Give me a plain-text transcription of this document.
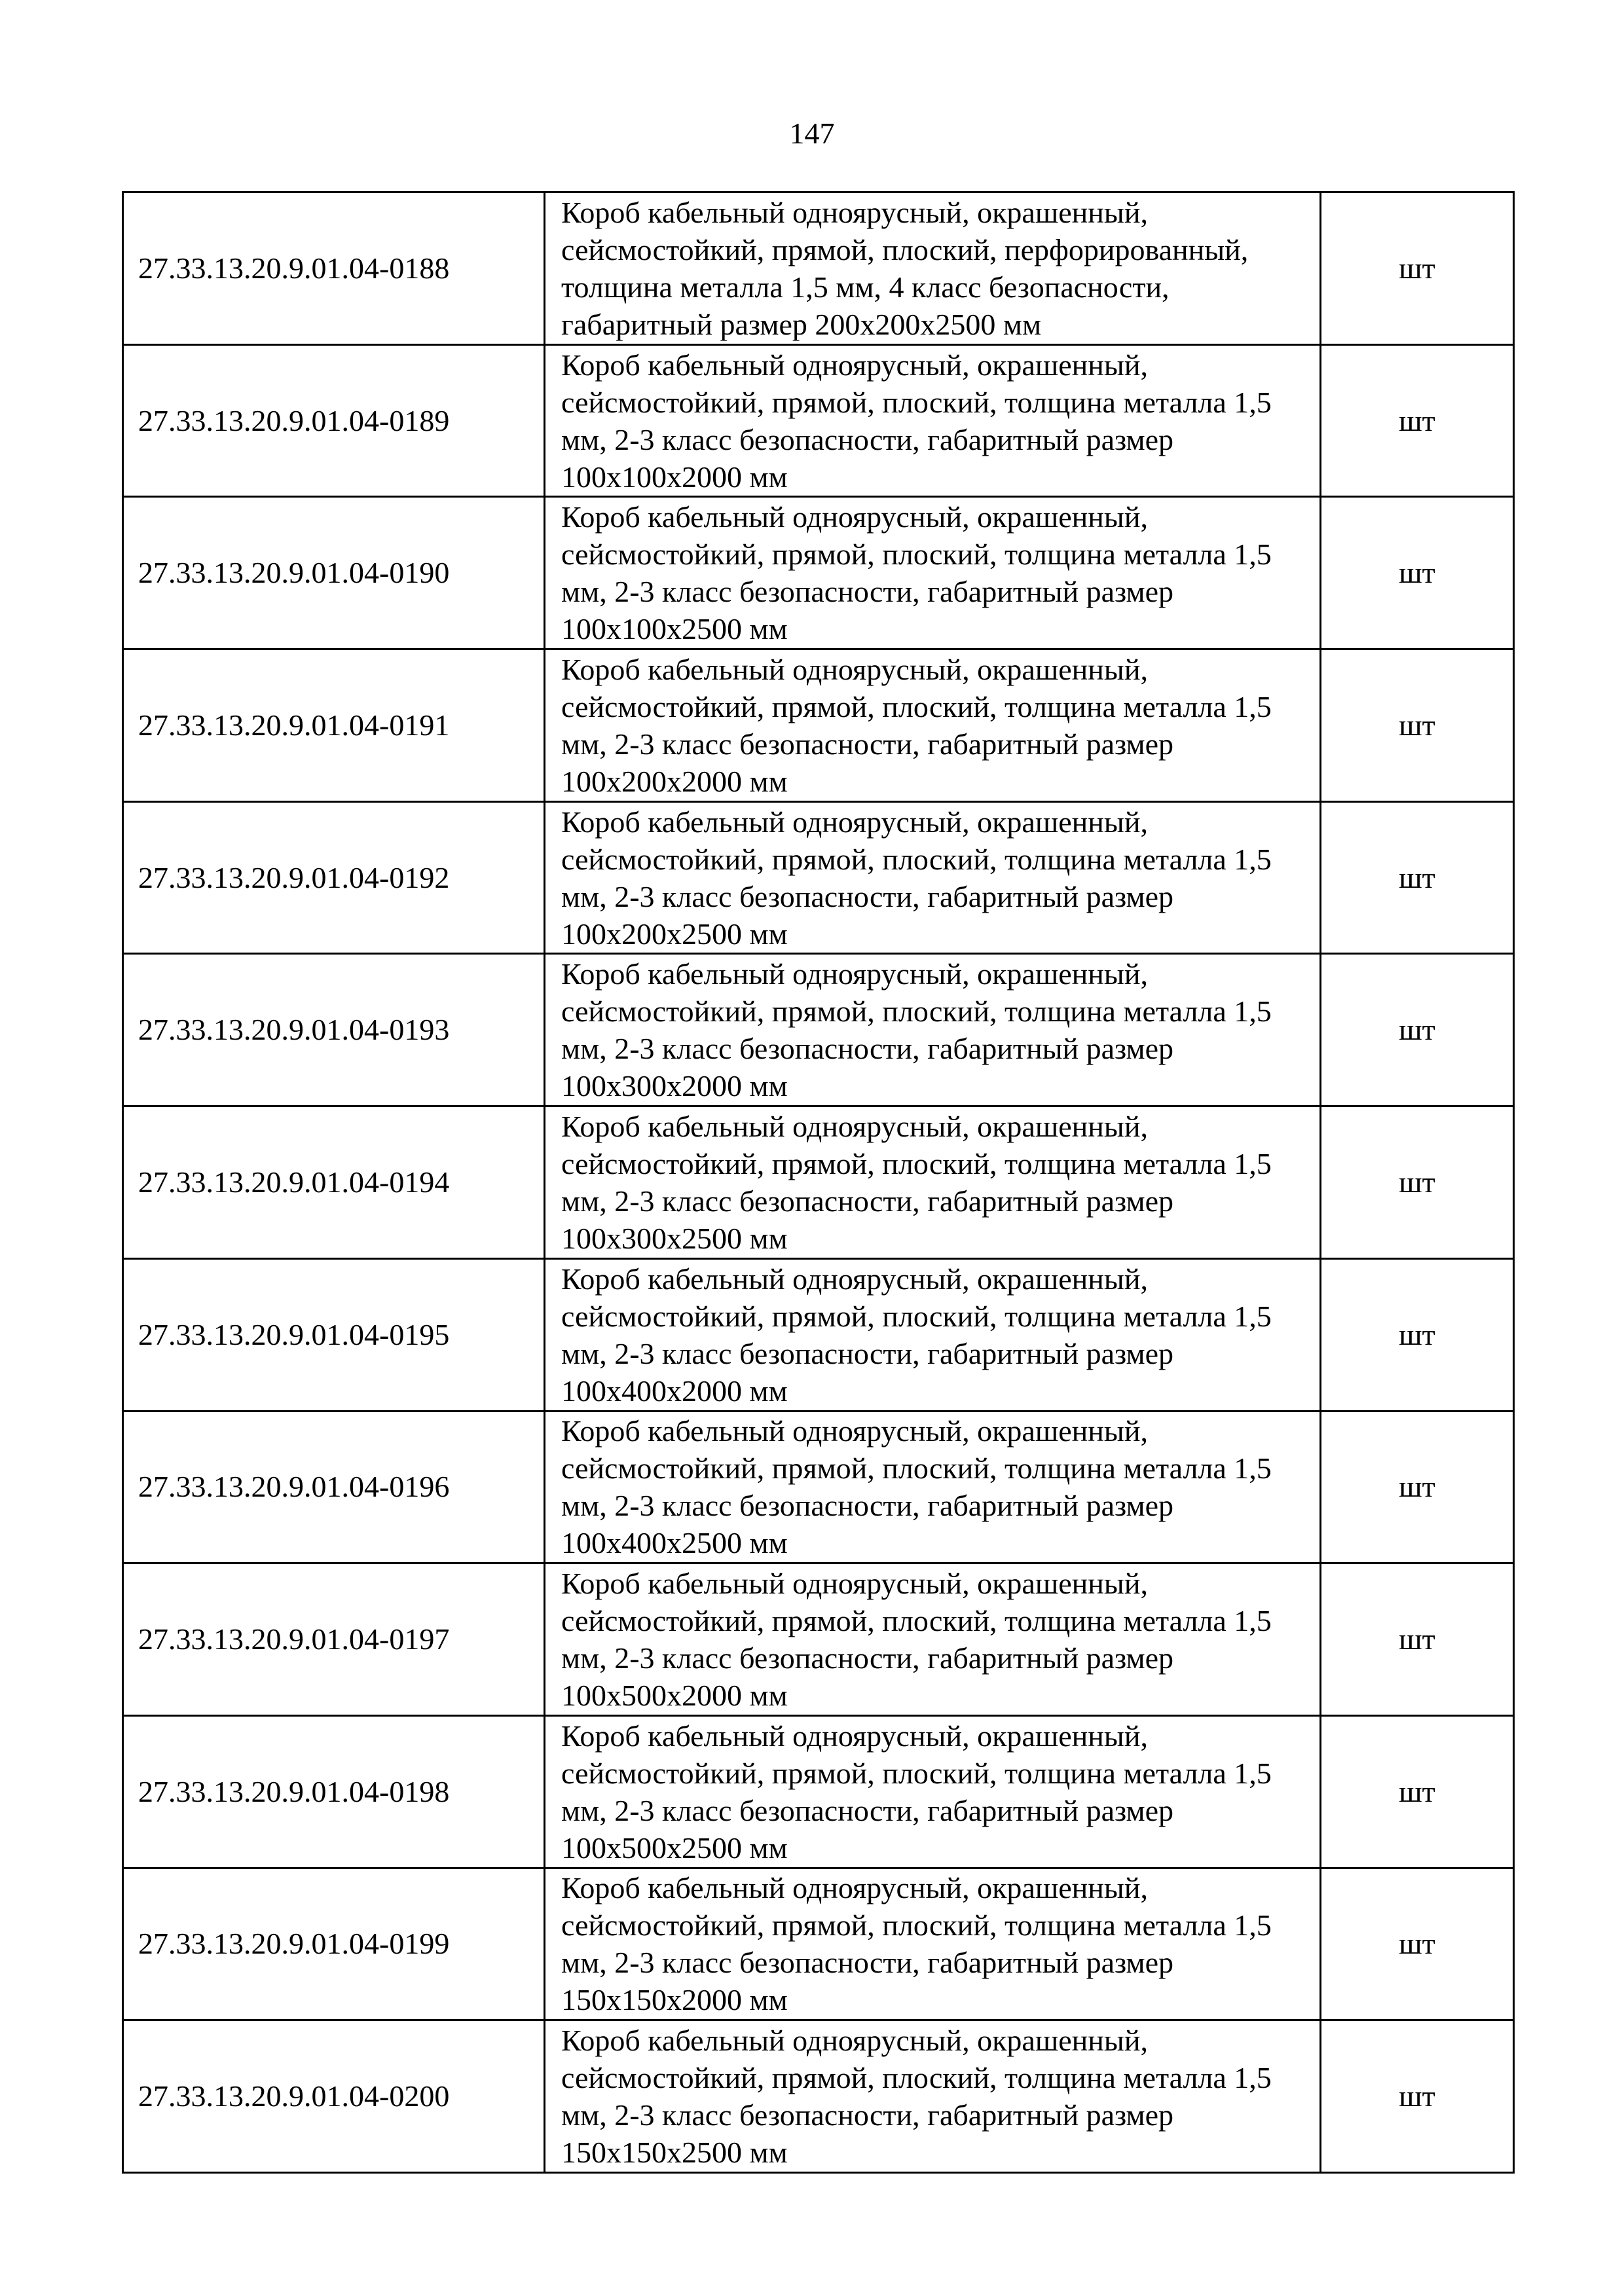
147
27.33.13.20.9.01.04-0188	Короб кабельный одноярусный, окрашенный, сейсмостойкий, прямой, плоский, перфорированный, толщина металла 1,5 мм, 4 класс безопасности, габаритный размер 200х200х2500 мм	шт
27.33.13.20.9.01.04-0189	Короб кабельный одноярусный, окрашенный, сейсмостойкий, прямой, плоский, толщина металла 1,5 мм, 2-3 класс безопасности, габаритный размер 100х100х2000 мм	шт
27.33.13.20.9.01.04-0190	Короб кабельный одноярусный, окрашенный, сейсмостойкий, прямой, плоский, толщина металла 1,5 мм, 2-3 класс безопасности, габаритный размер 100х100х2500 мм	шт
27.33.13.20.9.01.04-0191	Короб кабельный одноярусный, окрашенный, сейсмостойкий, прямой, плоский, толщина металла 1,5 мм, 2-3 класс безопасности, габаритный размер 100х200х2000 мм	шт
27.33.13.20.9.01.04-0192	Короб кабельный одноярусный, окрашенный, сейсмостойкий, прямой, плоский, толщина металла 1,5 мм, 2-3 класс безопасности, габаритный размер 100х200х2500 мм	шт
27.33.13.20.9.01.04-0193	Короб кабельный одноярусный, окрашенный, сейсмостойкий, прямой, плоский, толщина металла 1,5 мм, 2-3 класс безопасности, габаритный размер 100х300х2000 мм	шт
27.33.13.20.9.01.04-0194	Короб кабельный одноярусный, окрашенный, сейсмостойкий, прямой, плоский, толщина металла 1,5 мм, 2-3 класс безопасности, габаритный размер 100х300х2500 мм	шт
27.33.13.20.9.01.04-0195	Короб кабельный одноярусный, окрашенный, сейсмостойкий, прямой, плоский, толщина металла 1,5 мм, 2-3 класс безопасности, габаритный размер 100х400х2000 мм	шт
27.33.13.20.9.01.04-0196	Короб кабельный одноярусный, окрашенный, сейсмостойкий, прямой, плоский, толщина металла 1,5 мм, 2-3 класс безопасности, габаритный размер 100х400х2500 мм	шт
27.33.13.20.9.01.04-0197	Короб кабельный одноярусный, окрашенный, сейсмостойкий, прямой, плоский, толщина металла 1,5 мм, 2-3 класс безопасности, габаритный размер 100х500х2000 мм	шт
27.33.13.20.9.01.04-0198	Короб кабельный одноярусный, окрашенный, сейсмостойкий, прямой, плоский, толщина металла 1,5 мм, 2-3 класс безопасности, габаритный размер 100х500х2500 мм	шт
27.33.13.20.9.01.04-0199	Короб кабельный одноярусный, окрашенный, сейсмостойкий, прямой, плоский, толщина металла 1,5 мм, 2-3 класс безопасности, габаритный размер 150х150х2000 мм	шт
27.33.13.20.9.01.04-0200	Короб кабельный одноярусный, окрашенный, сейсмостойкий, прямой, плоский, толщина металла 1,5 мм, 2-3 класс безопасности, габаритный размер 150х150х2500 мм	шт
